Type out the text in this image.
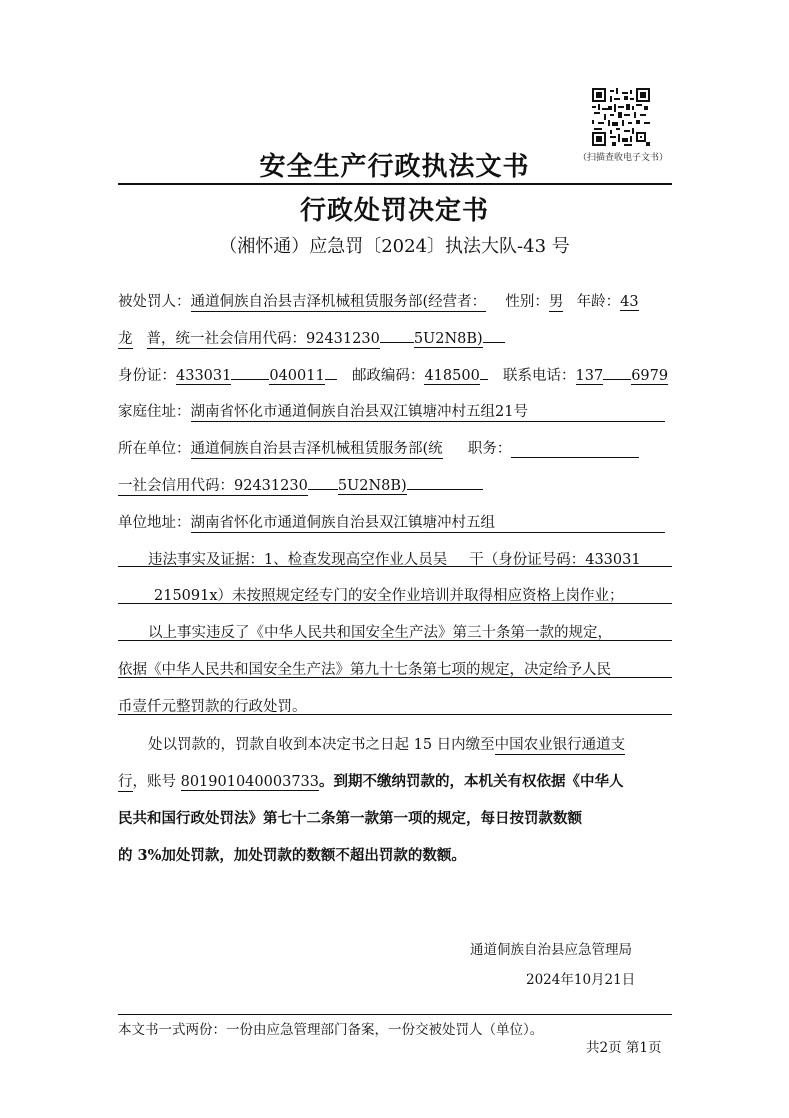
（扫描查收电子文书）
安全生产行政执法文书
行政处罚决定书
（湘怀通）应急罚〔2024〕执法大队-43 号
被处罚人：通道侗族自治县吉泽机械租赁服务部(经营者： 性别：男 年龄：43
龙 普，统一社会信用代码：92431230 5U2N8B)
身份证：433031	040011 邮政编码：418500 联系电话：137 6979
家庭住址：湖南省怀化市通道侗族自治县双江镇塘冲村五组21号
所在单位：通道侗族自治县吉泽机械租赁服务部(统 职务：
一社会信用代码：92431230 5U2N8B)
单位地址：湖南省怀化市通道侗族自治县双江镇塘冲村五组
违法事实及证据：1、检查发现高空作业人员吴 干（身份证号码：433031
215091x）未按照规定经专门的安全作业培训并取得相应资格上岗作业；
以上事实违反了《中华人民共和国安全生产法》第三十条第一款的规定，
依据《中华人民共和国安全生产法》第九十七条第七项的规定，决定给予人民
币壹仟元整罚款的行政处罚。
处以罚款的，罚款自收到本决定书之日起 15 日内缴至中国农业银行通道支
行，账号 801901040003733。到期不缴纳罚款的，本机关有权依据《中华人
民共和国行政处罚法》第七十二条第一款第一项的规定，每日按罚款数额
的 3%加处罚款，加处罚款的数额不超出罚款的数额。
通道侗族自治县应急管理局
2024年10月21日
本文书一式两份：一份由应急管理部门备案，一份交被处罚人（单位）。
共2页 第1页
